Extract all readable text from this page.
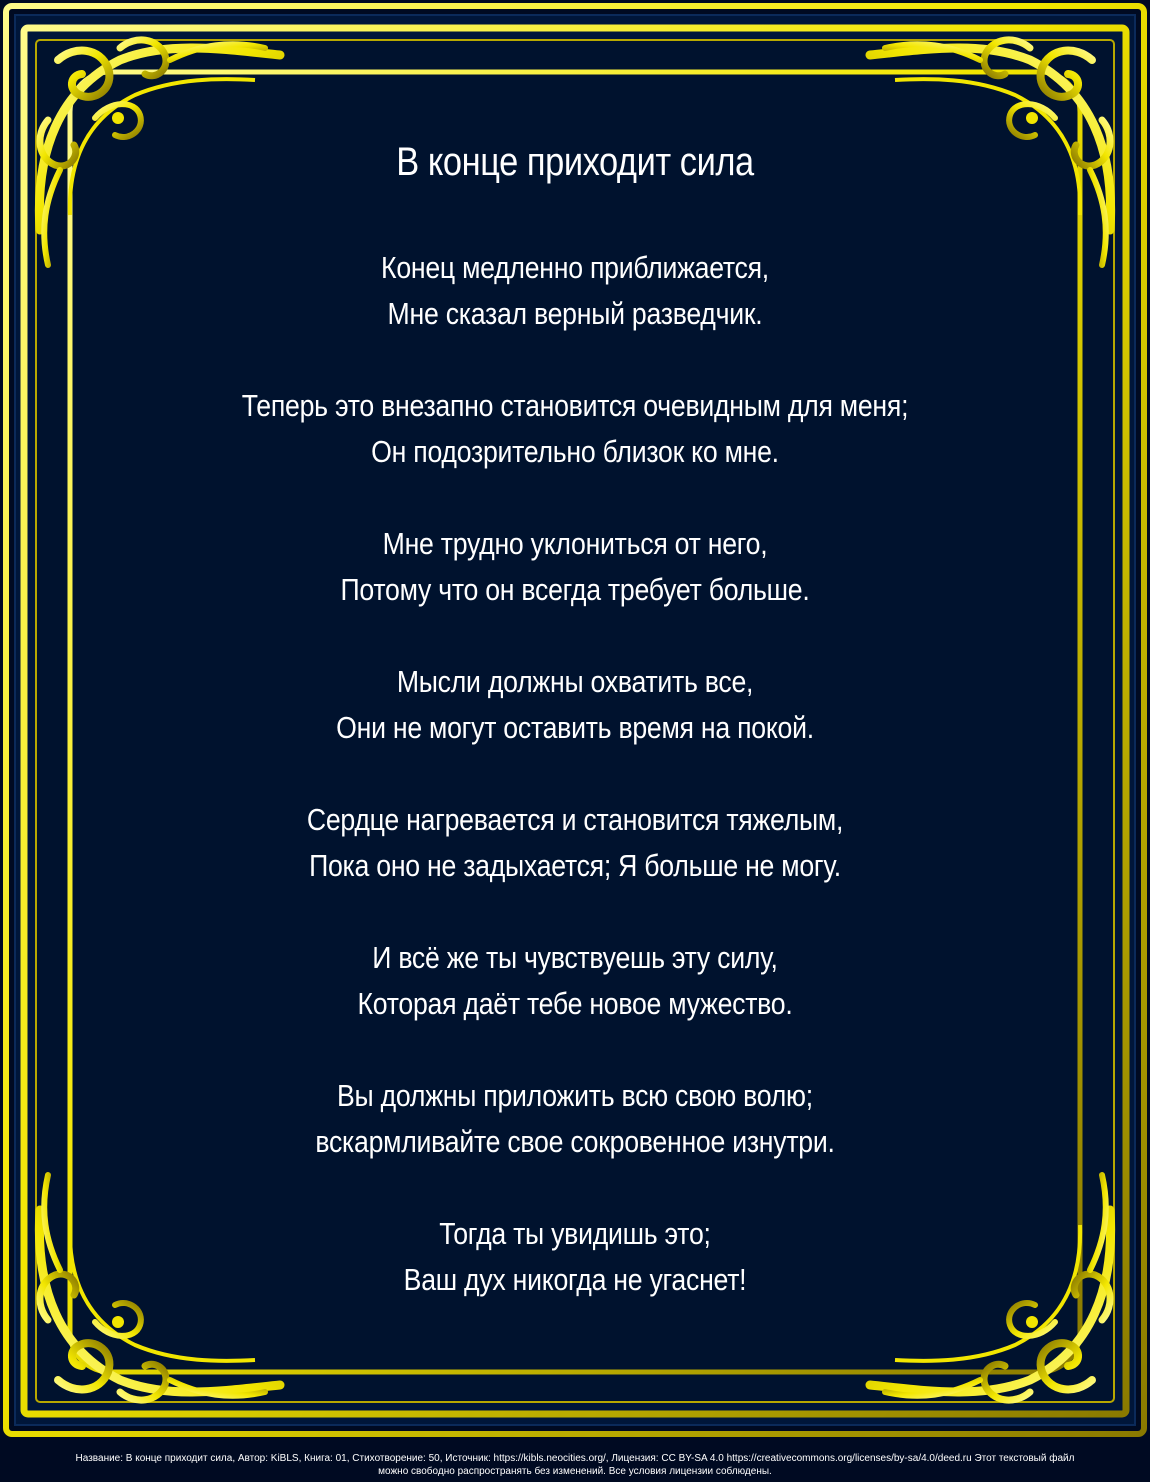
В конце приходит сила
Конец медленно приближается,
Мне сказал верный разведчик.
Теперь это внезапно становится очевидным для меня;
Он подозрительно близок ко мне.
Мне трудно уклониться от него,
Потому что он всегда требует больше.
Мысли должны охватить все,
Они не могут оставить время на покой.
Сердце нагревается и становится тяжелым,
Пока оно не задыхается; Я больше не могу.
И всё же ты чувствуешь эту силу,
Которая даёт тебе новое мужество.
Вы должны приложить всю свою волю;
вскармливайте свое сокровенное изнутри.
Тогда ты увидишь это;
Ваш дух никогда не угаснет!
Название: В конце приходит сила, Автор: KiBLS, Книга: 01, Стихотворение: 50, Источник: https://kibls.neocities.org/, Лицензия: CC BY-SA 4.0 https://creativecommons.org/licenses/by-sa/4.0/deed.ru Этот текстовый файл
можно свободно распространять без изменений. Все условия лицензии соблюдены.
